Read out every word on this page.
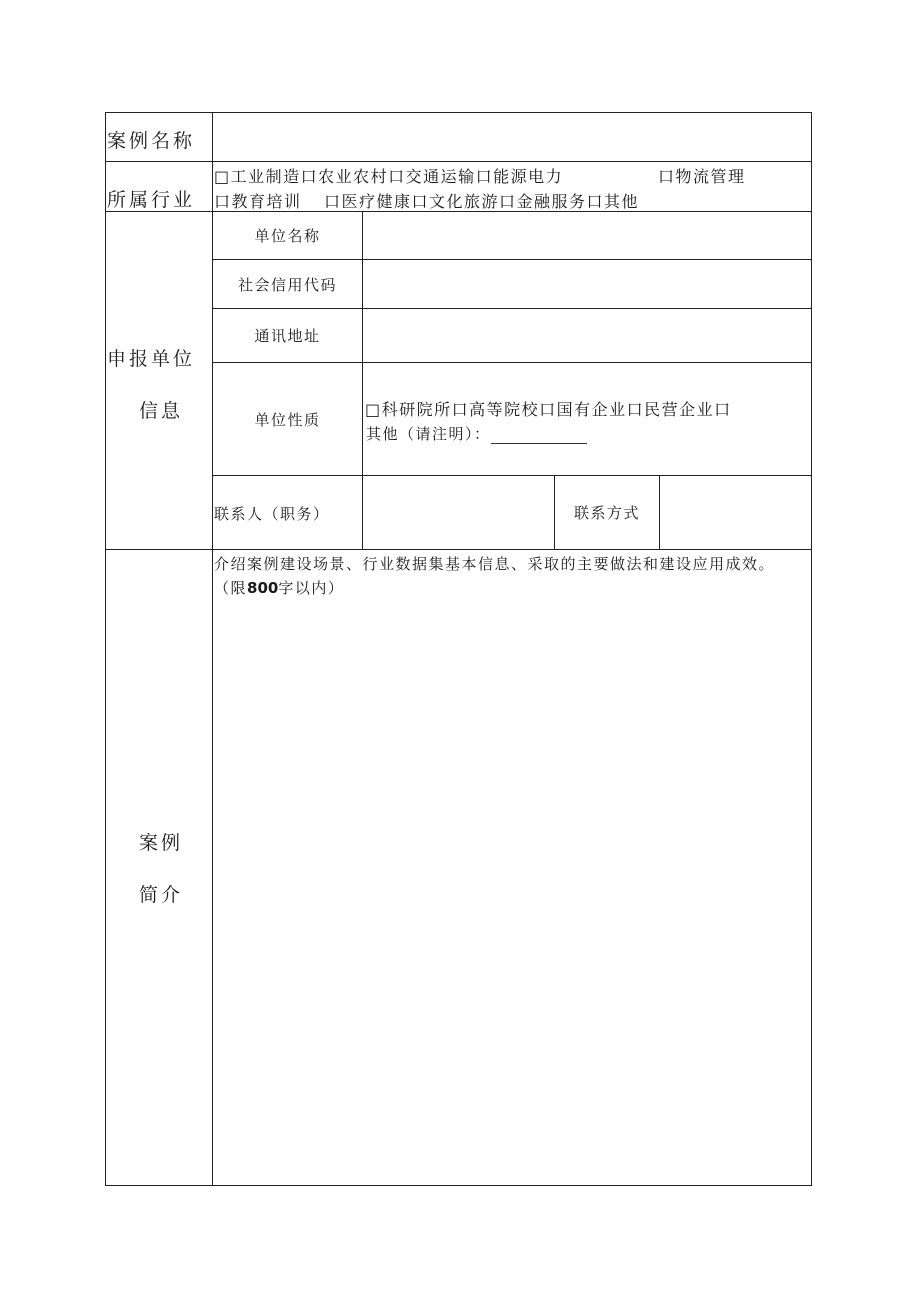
案例名称
所属行业
□工业制造口农业农村口交通运输口能源电力	口物流管理
口教育培训 口医疗健康口文化旅游口金融服务口其他
申报单位
信息
单位名称
社会信用代码
通讯地址
单位性质
□科研院所口高等院校口国有企业口民营企业口
其他（请注明）：
联系人（职务）	联系方式
案例
简介
介绍案例建设场景、行业数据集基本信息、采取的主要做法和建设应用成效。
（限800字以内）
